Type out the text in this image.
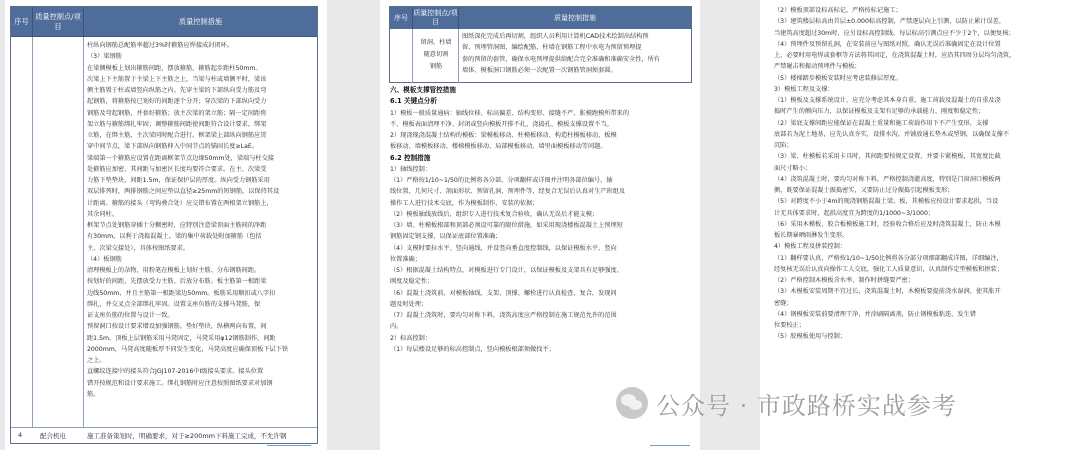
序号
质量控制点/项目
质量控制措施
柱纵向钢筋总配筋率超过3%时箍筋应焊接成封闭环。
（3）梁钢筋
在梁侧模板上划出箍筋间距，摆放箍筋，箍筋起步距柱50mm。
次梁上下主筋置于主梁上下主筋之上，当梁与柱或墙侧平时，梁该
侧主筋置于柱或墙竖向纵筋之内。先穿主梁的下部纵向受力筋及弯
起钢筋，将箍筋按已划好的间距逐个分开；穿次梁的下部纵向受力
钢筋及弯起钢筋，并套好箍筋；放主次梁的架立筋；隔一定间距将
架立筋与箍筋绑扎牢固；调整箍筋间距使间距符合设计要求，绑架
立筋，在绑主筋，主次梁同时配合进行。框架梁上部纵向钢筋应贯
穿中间节点，梁下部纵向钢筋伸入中间节点的锚固长度≥LaE。
梁端第一个箍筋应设置在距离框架节点边缘50mm处，梁端与柱交接
处箍筋应加密，其间距与加密区长度均要符合要求。在主、次梁受
力筋下垫垫块，间距1.5m，保证保护层的厚度。纵向受力钢筋采用
双层排列时，两排钢筋之间应垫以直径≥25mm的短钢筋，以保持其设
计距离。箍筋的接头（弯钩叠合处）应交错布置在两根架立钢筋上，
其余同柱。
框架节点处钢筋穿插十分稠密时，应特别注意梁顶面主筋间的净距
有30mm，以利于浇捣混凝土。梁的集中荷载处附加箍筋（包括
主、次梁交接处），具体按图纸要求。
（4）板钢筋
清理模板上的杂物，用粉笔在模板上划好主筋、分布钢筋间距。
按划好的间距，先摆放受力主筋、后放分布筋。板主筋第一根距梁
边线50mm，并且主筋第一根距梁边50mm。板筋采用顺扣或八字扣
绑扎，并交叉点全部绑扎牢固。设置支座负筋的支撑马凳筋，保
证支座负筋的位置与设计一致。
预留洞口按设计要求增设加强钢筋。垫好垫块，纵横两向布置，间
距1.5m。顶板上层钢筋采用马凳固定，马凳采用φ12钢筋制作，间距
2000mm，马凳高度随板厚不同发生变化，马凳高度应确保顶板下层下铁
之上。
直螺纹连接中的接头符合JGJ107-2016中I级接头要求。接头位置
错开按规范和设计要求施工。绑扎钢筋时应注意按照图纸要求对加钢
筋。
4	配合机电	施工准备策划时，明确要求，对于≥200mm下料施工完成，不允许钢
序号
质量控制点/项目
质量控制措施
留洞、柱墙
随意切割
钢筋
图纸深化完成后再切割，组织人员利用计算机CAD技术绘制出结构预
留、预埋管洞图，编绘配筋，柱墙在钢筋工程中水电为预留预埋提
套的预留的套管，确保水电预埋提供给配合完全准确和准确安全性，所有
墙体、模板洞口钢筋必须一次配置一次钢筋管洞须套圆。
六、模板支撑管控措施
6.1 关键点分析
1）模板一般质量通病：轴线位移、标高偏差、结构变形、接缝不严、胀模跑模所带来的
不、模板表面清理不净、封闭或竖向模板开排不扎、浇捣孔、模板支撑设置不当。
2）现浇现浇混凝土结构的模板：梁模板移动、柱模板移动、构造柱模板移动、板模
板移动、墙模板移动、楼梯模板移动、局部模板移动、墙里面模板移动等问题。
6.2 控制措施
1）轴线控制：
（1）严格按1/10~1/50的比例将各分部、分项翻样或详图并注明各部位编号、轴
线位置、几何尺寸、剖面形状、预留孔洞、预埋件等，经复合无误后认真对生产班组及
操作工人进行技术交底，作为模板制作、安装的依据；
（2）模板轴线放线后，组织专人进行技术复合验收，确认无误后才能支模；
（3）墙、柱模板根部和顶部必须设可靠的限位措施，如采用现浇楼板混凝土上预埋短
钢筋固定钢支撑，以保证底部位置准确；
（4）支模时要拉水平、竖向通线，并设竖向垂直度控制线，以保证模板水平、竖向
位置准确；
（5）根据混凝土结构特点，对模板进行专门设计，以保证模板及支架具有足够强度、
刚度及稳定性；
（6）混凝土浇筑前，对模板轴线、支架、顶撑、螺栓进行认真检查、复合，发现问
题及时处理；
（7）混凝土浇筑时，要均匀对称下料，浇筑高度应严格控制在施工规范允许的范围
内。
2）标高控制：
（1）每层楼设足够的标高控制点，竖向模板根部须做找平；
（2）模板顶部设标高标记，严格按标记施工；
（3）建筑楼层标高由首层±0.000标高控制，严禁逐层向上引测，以防止累计误差，
当建筑高度超过30m时，应另设标高控制线，每层标高引测点应不少于2个，以便复核；
（4）预埋件及预留孔洞，在安装前应与图纸对照，确认无误后准确固定在设计位置
上，必要时用电焊或套框等方法将其固定，在浇筑混凝土时，应沿其四周分层均匀浇筑，
严禁碰击和振动预埋件与模板；
（5）楼梯踏步模板安装时应考虑装修层厚度。
3）模板工程及支撑：
（1）模板及支撑系统设计，应充分考虑其本身自重、施工荷载及混凝土的自重及浇
捣时产生的侧向压力，以保证模板及支架有足够的承载能力、刚度和稳定性；
（2）梁底支撑间距应能保证在混凝土重量和施工荷载作用下不产生变形，支撑
底部若为泥土地基，应先认真夯实，设排水沟，并铺放通长垫木或型钢，以确保支撑不
沉陷；
（3）梁、柱模板若采用卡具时，其间距要按规定设置，并要卡紧模板，其宽度比截
面尺寸略小；
（4）浇筑混凝土时，要均匀对称下料，严格控制浇灌高度，特别是门窗洞口模板两
侧，既要保证混凝土振捣密实，又要防止过分振捣引起模板变形；
（5）对跨度不小于4m的现浇钢筋混凝土梁、板，其模板应按设计要求起拱，当设
计无具体要求时，起拱高度宜为跨度的1/1000~3/1000；
（6）采用木模板、胶合板模板施工时，经验收合格后应及时浇筑混凝土，防止木模
板长期暴晒雨淋发生变形。
4）模板工程及拼装控制：
（1）翻样要认真，严格按1/10~1/50比例将各分部分项细部翻成详图，详细编注，
经复核无误后认真向操作工人交底，强化工人质量意识，认真制作定型模板和拼装；
（2）严格控制木模板含水率，制作时拼缝要严密；
（3）木模板安装周期不宜过长，浇筑混凝土时，木模板要提前浇水湿润，使其胀开
密缝；
（4）钢模板安装前要清理干净，并涂刷隔离剂，防止钢模板粘连，发生错
位要校正；
（5）胶模板使用与控制；
公众号 · 市政路桥实战参考
